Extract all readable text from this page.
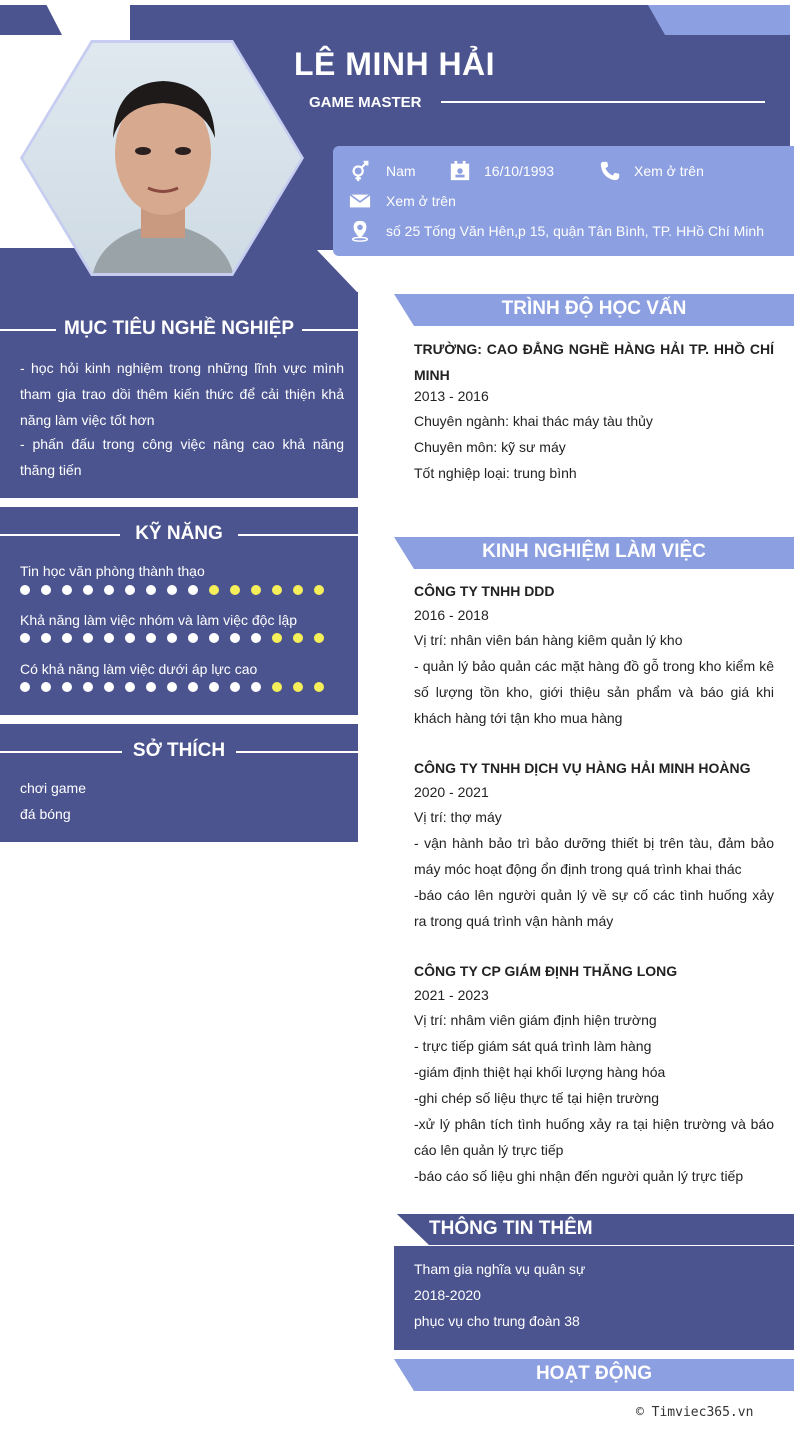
LÊ MINH HẢI
GAME MASTER
Nam	16/10/1993	Xem ở trên
Xem ở trên
số 25 Tống Văn Hên,p 15, quận Tân Bình, TP. HHồ Chí Minh
MỤC TIÊU NGHỀ NGHIỆP
- học hỏi kinh nghiệm trong những lĩnh vực mình tham gia trao dồi thêm kiến thức để cải thiện khả năng làm việc tốt hơn
- phấn đấu trong công việc nâng cao khả năng thăng tiến
KỸ NĂNG
Tin học văn phòng thành thạo
Khả năng làm việc nhóm và làm việc độc lập
Có khả năng làm việc dưới áp lực cao
SỞ THÍCH
chơi game
đá bóng
TRÌNH ĐỘ HỌC VẤN
TRƯỜNG: CAO ĐẲNG NGHỀ HÀNG HẢI TP. HHỒ CHÍ MINH
2013 - 2016
Chuyên ngành: khai thác máy tàu thủy
Chuyên môn: kỹ sư máy
Tốt nghiệp loại: trung bình
KINH NGHIỆM LÀM VIỆC
CÔNG TY TNHH DDD
2016 - 2018
Vị trí: nhân viên bán hàng kiêm quản lý kho
- quản lý bảo quản các mặt hàng đồ gỗ trong kho kiểm kê số lượng tồn kho, giới thiệu sản phẩm và báo giá khi khách hàng tới tận kho mua hàng
CÔNG TY TNHH DỊCH VỤ HÀNG HẢI MINH HOÀNG
2020 - 2021
Vị trí: thợ máy
- vận hành bảo trì bảo dưỡng thiết bị trên tàu, đảm bảo máy móc hoạt động ổn định trong quá trình khai thác
-báo cáo lên người quản lý về sự cố các tình huống xảy ra trong quá trình vận hành máy
CÔNG TY CP GIÁM ĐỊNH THĂNG LONG
2021 - 2023
Vị trí: nhâm viên giám định hiện trường
- trực tiếp giám sát quá trình làm hàng
-giám định thiệt hại khối lượng hàng hóa
-ghi chép số liệu thực tế tại hiện trường
-xử lý phân tích tình huống xảy ra tại hiện trường và báo cáo lên quản lý trực tiếp
-báo cáo số liệu ghi nhận đến người quản lý trực tiếp
THÔNG TIN THÊM
Tham gia nghĩa vụ quân sự
2018-2020
phục vụ cho trung đoàn 38
HOẠT ĐỘNG
© Timviec365.vn
